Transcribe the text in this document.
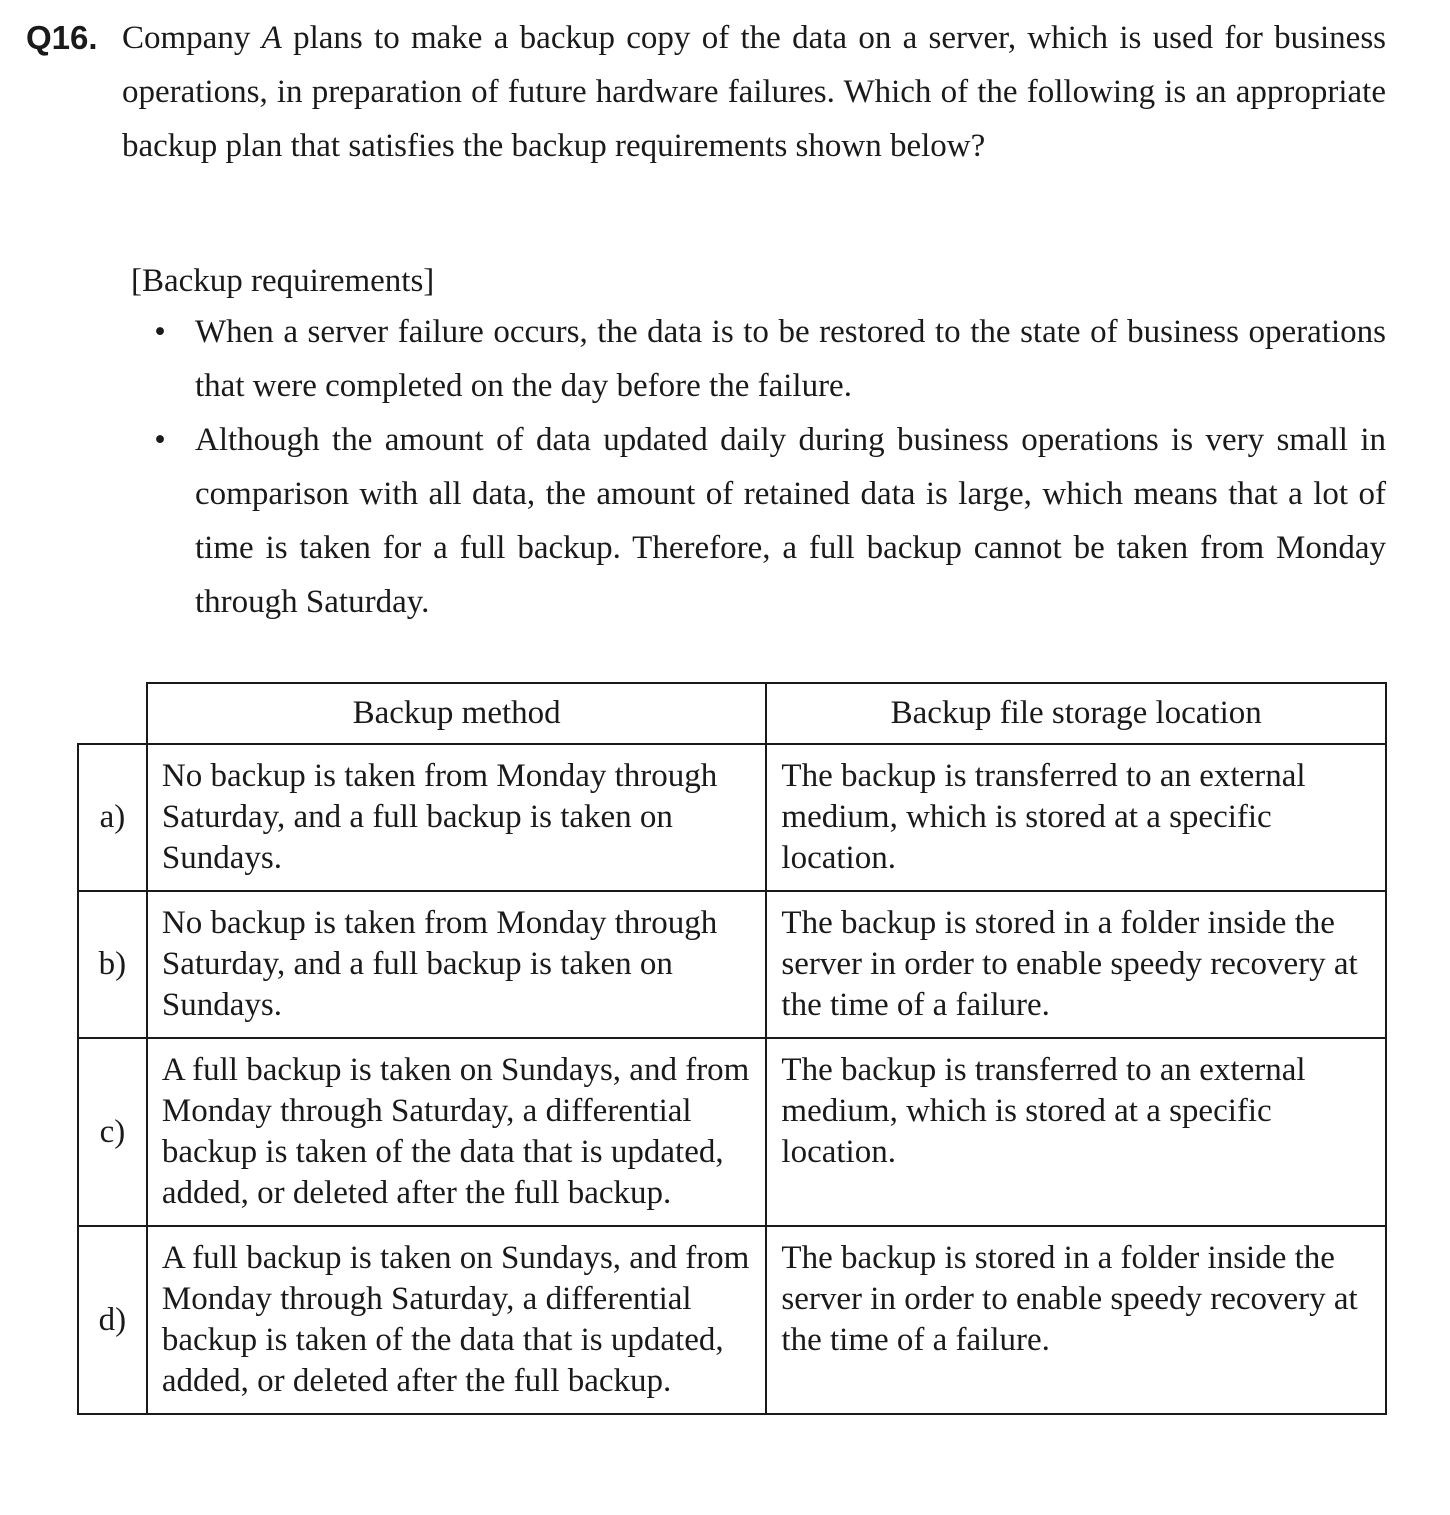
Q16. Company A plans to make a backup copy of the data on a server, which is used for business operations, in preparation of future hardware failures. Which of the following is an appropriate backup plan that satisfies the backup requirements shown below?

[Backup requirements]
• When a server failure occurs, the data is to be restored to the state of business operations that were completed on the day before the failure.
• Although the amount of data updated daily during business operations is very small in comparison with all data, the amount of retained data is large, which means that a lot of time is taken for a full backup. Therefore, a full backup cannot be taken from Monday through Saturday.
	Backup method	Backup file storage location
a)	No backup is taken from Monday through Saturday, and a full backup is taken on Sundays.	The backup is transferred to an external medium, which is stored at a specific location.
b)	No backup is taken from Monday through Saturday, and a full backup is taken on Sundays.	The backup is stored in a folder inside the server in order to enable speedy recovery at the time of a failure.
c)	A full backup is taken on Sundays, and from Monday through Saturday, a differential backup is taken of the data that is updated, added, or deleted after the full backup.	The backup is transferred to an external medium, which is stored at a specific location.
d)	A full backup is taken on Sundays, and from Monday through Saturday, a differential backup is taken of the data that is updated, added, or deleted after the full backup.	The backup is stored in a folder inside the server in order to enable speedy recovery at the time of a failure.
